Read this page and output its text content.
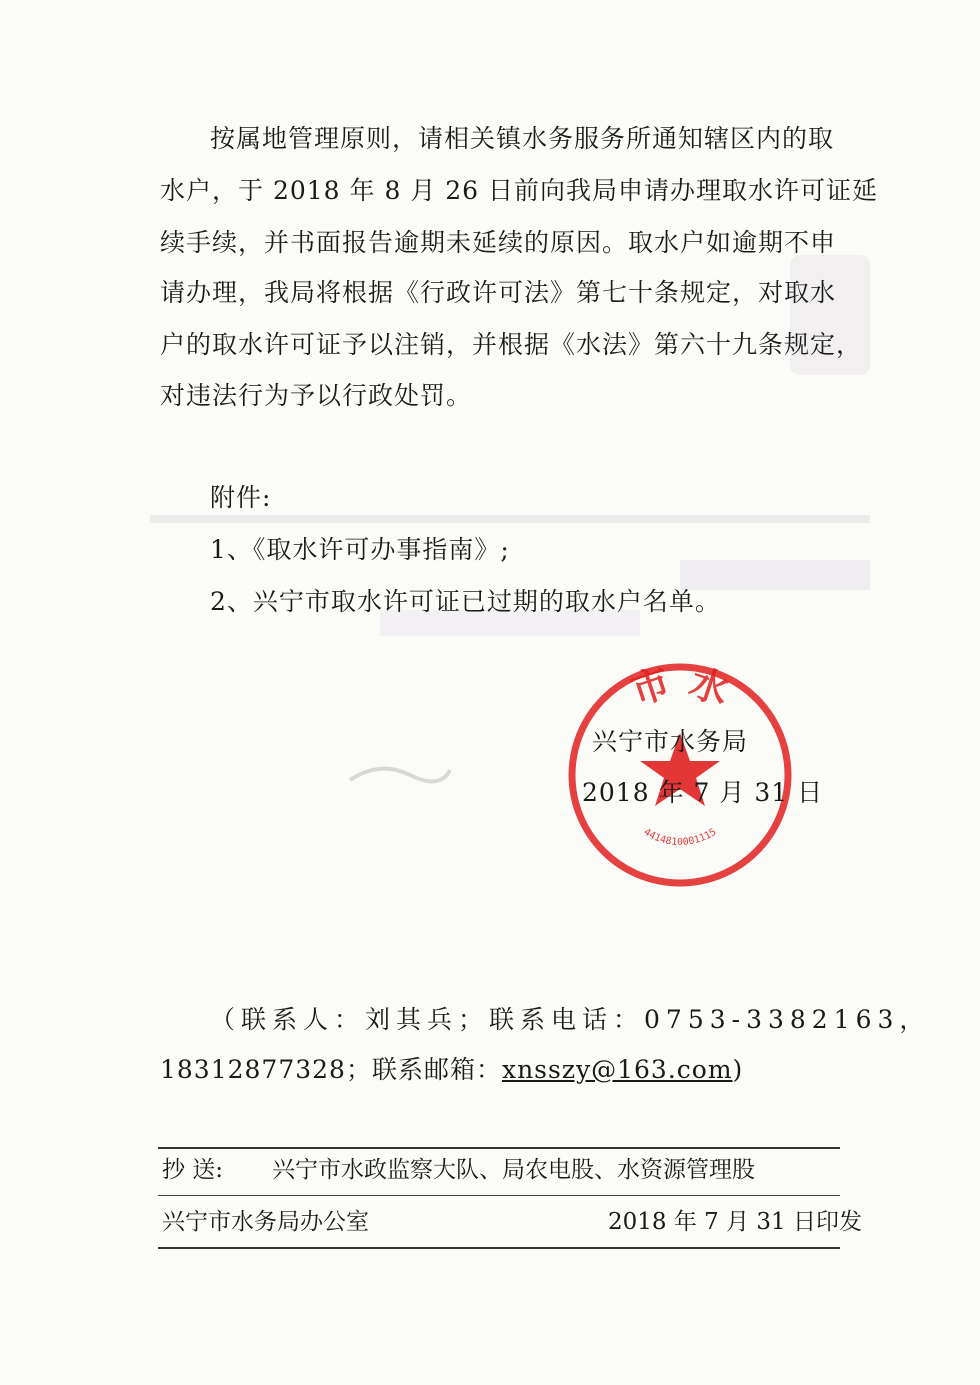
按属地管理原则，请相关镇水务服务所通知辖区内的取
水户，于 2018 年 8 月 26 日前向我局申请办理取水许可证延
续手续，并书面报告逾期未延续的原因。取水户如逾期不申
请办理，我局将根据《行政许可法》第七十条规定，对取水
户的取水许可证予以注销，并根据《水法》第六十九条规定，
对违法行为予以行政处罚。
附件:
1、《取水许可办事指南》;
2、兴宁市取水许可证已过期的取水户名单。
市 水
4414810001115
兴宁市水务局
2018 年 7 月 31 日
（联系人：刘其兵；联系电话：0753-3382163，
18312877328；联系邮箱：xnsszy@163.com)
抄 送: 兴宁市水政监察大队、局农电股、水资源管理股
兴宁市水务局办公室	2018 年 7 月 31 日印发
